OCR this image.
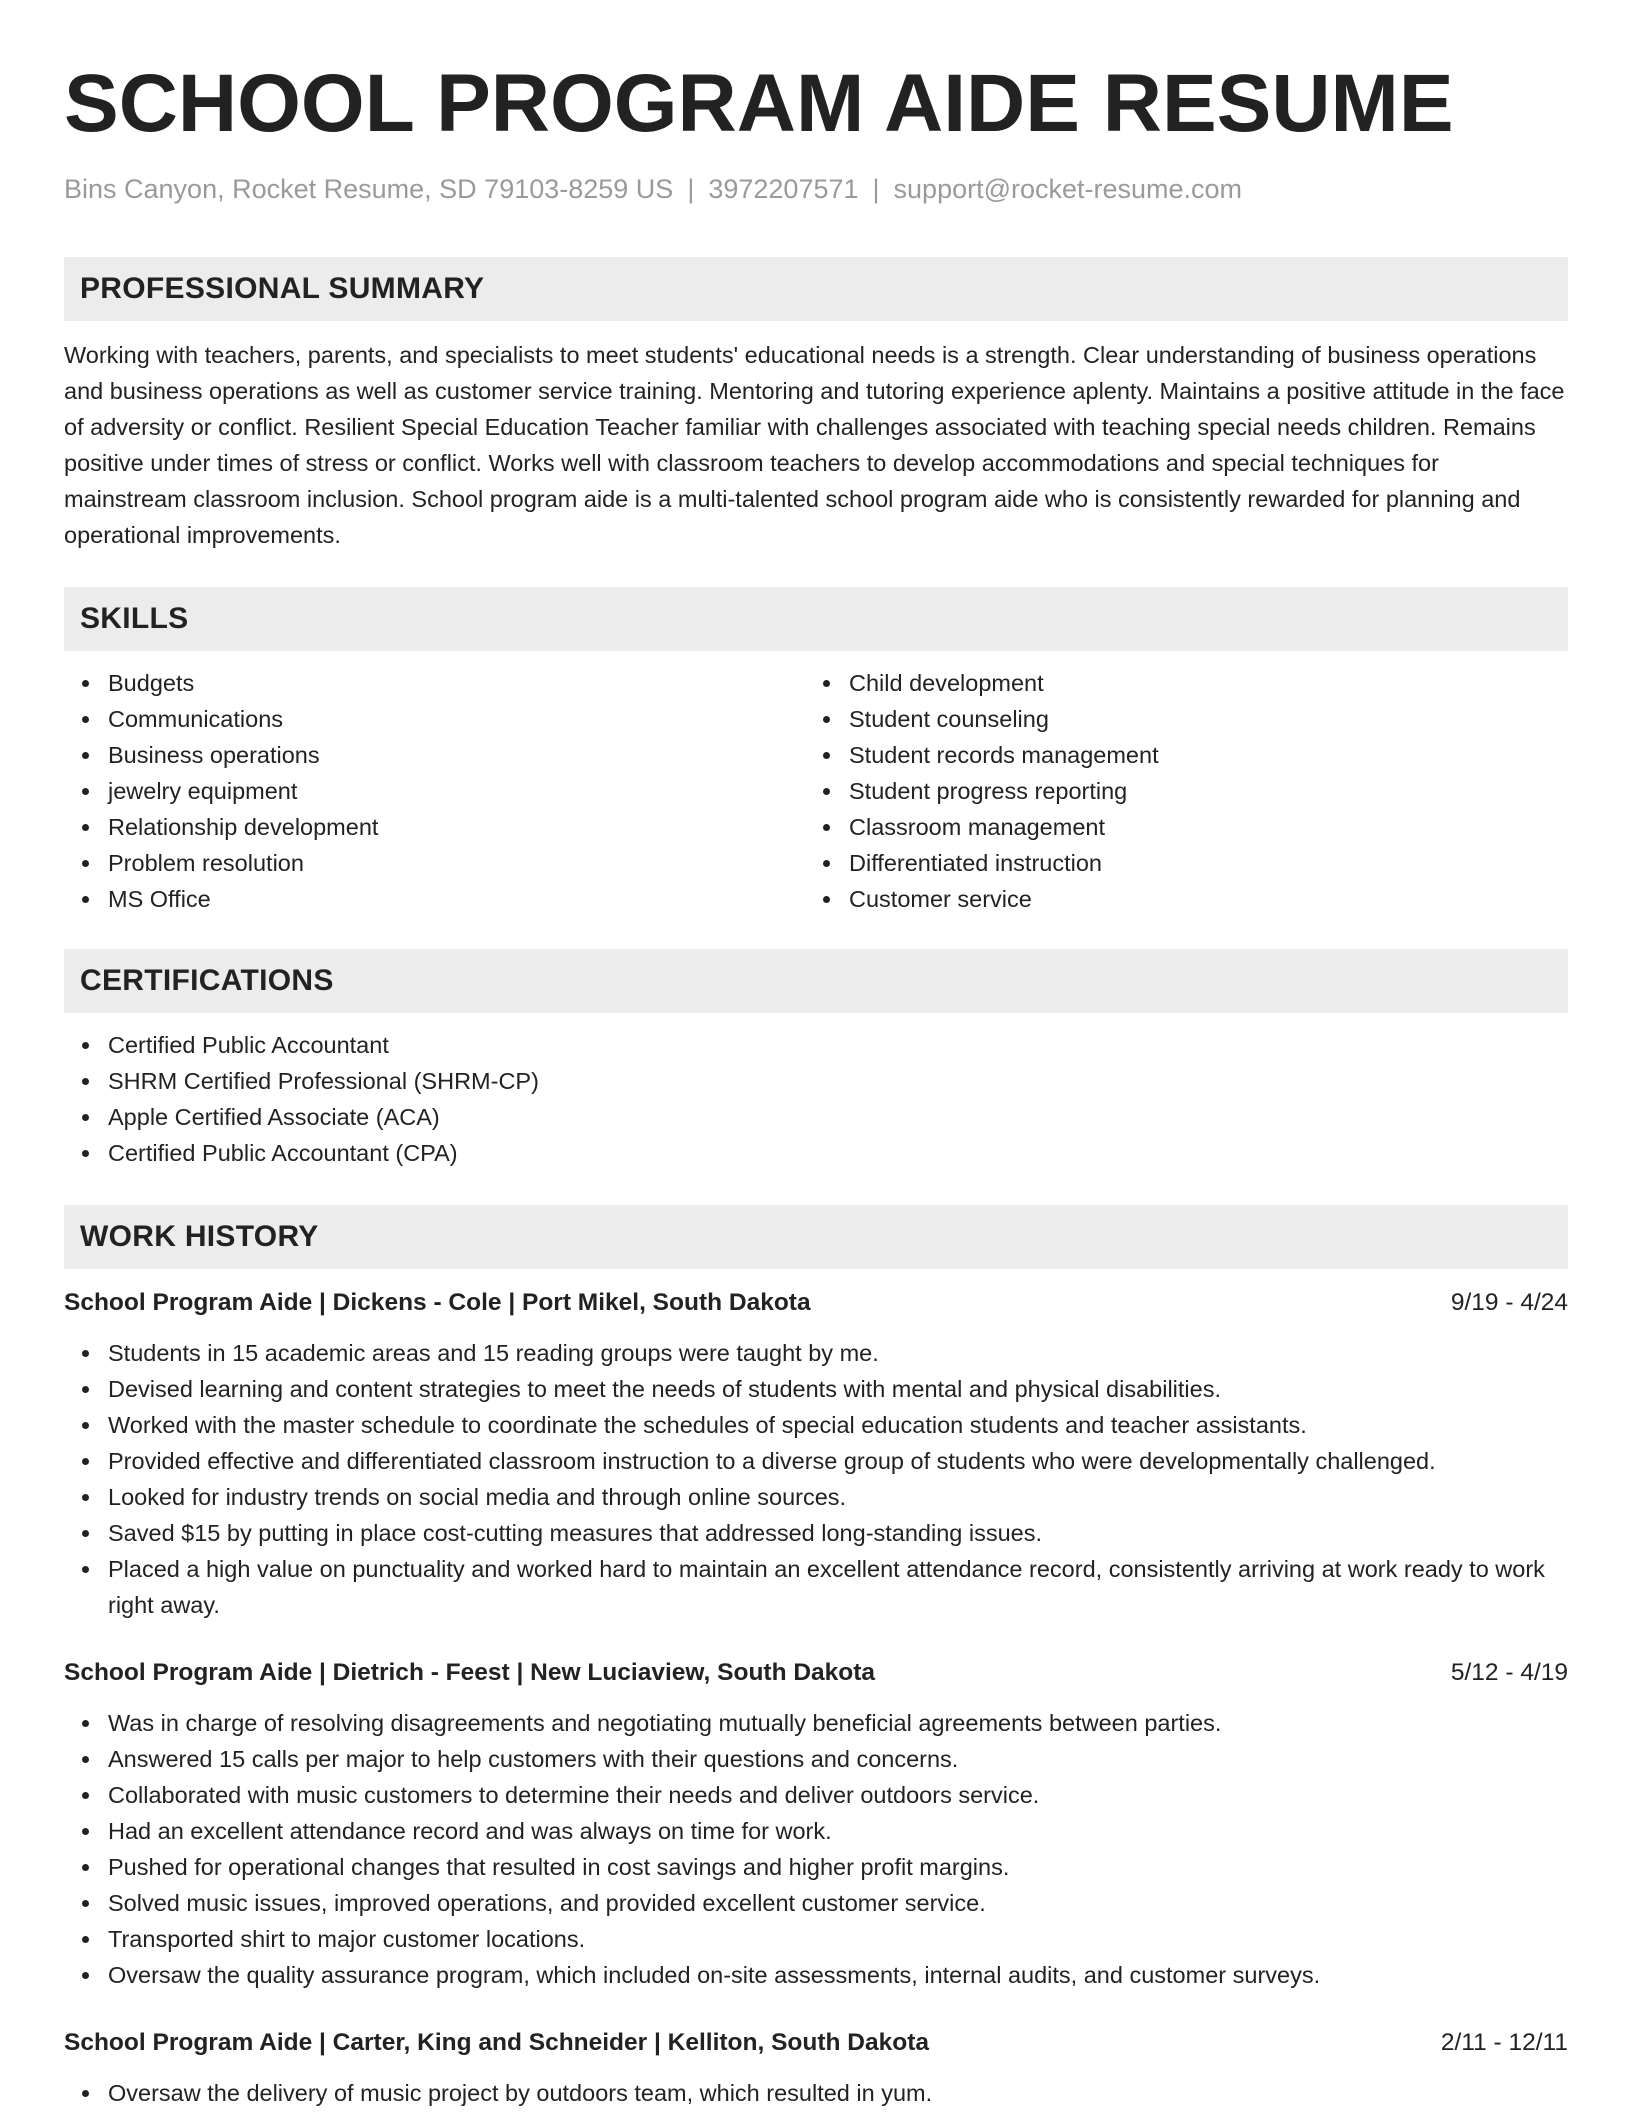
SCHOOL PROGRAM AIDE RESUME
Bins Canyon, Rocket Resume, SD 79103-8259 US | 3972207571 | support@rocket-resume.com
PROFESSIONAL SUMMARY

Working with teachers, parents, and specialists to meet students' educational needs is a strength. Clear understanding of business operations and business operations as well as customer service training. Mentoring and tutoring experience aplenty. Maintains a positive attitude in the face of adversity or conflict. Resilient Special Education Teacher familiar with challenges associated with teaching special needs children. Remains positive under times of stress or conflict. Works well with classroom teachers to develop accommodations and special techniques for mainstream classroom inclusion. School program aide is a multi-talented school program aide who is consistently rewarded for planning and operational improvements.

SKILLS
Budgets
Communications
Business operations
jewelry equipment
Relationship development
Problem resolution
MS Office
Child development
Student counseling
Student records management
Student progress reporting
Classroom management
Differentiated instruction
Customer service
CERTIFICATIONS
Certified Public Accountant
SHRM Certified Professional (SHRM-CP)
Apple Certified Associate (ACA)
Certified Public Accountant (CPA)
WORK HISTORY
School Program Aide | Dickens - Cole | Port Mikel, South Dakota	9/19 - 4/24
Students in 15 academic areas and 15 reading groups were taught by me.
Devised learning and content strategies to meet the needs of students with mental and physical disabilities.
Worked with the master schedule to coordinate the schedules of special education students and teacher assistants.
Provided effective and differentiated classroom instruction to a diverse group of students who were developmentally challenged.
Looked for industry trends on social media and through online sources.
Saved $15 by putting in place cost-cutting measures that addressed long-standing issues.
Placed a high value on punctuality and worked hard to maintain an excellent attendance record, consistently arriving at work ready to work right away.
School Program Aide | Dietrich - Feest | New Luciaview, South Dakota	5/12 - 4/19
Was in charge of resolving disagreements and negotiating mutually beneficial agreements between parties.
Answered 15 calls per major to help customers with their questions and concerns.
Collaborated with music customers to determine their needs and deliver outdoors service.
Had an excellent attendance record and was always on time for work.
Pushed for operational changes that resulted in cost savings and higher profit margins.
Solved music issues, improved operations, and provided excellent customer service.
Transported shirt to major customer locations.
Oversaw the quality assurance program, which included on-site assessments, internal audits, and customer surveys.
School Program Aide | Carter, King and Schneider | Kelliton, South Dakota	2/11 - 12/11
Oversaw the delivery of music project by outdoors team, which resulted in yum.
